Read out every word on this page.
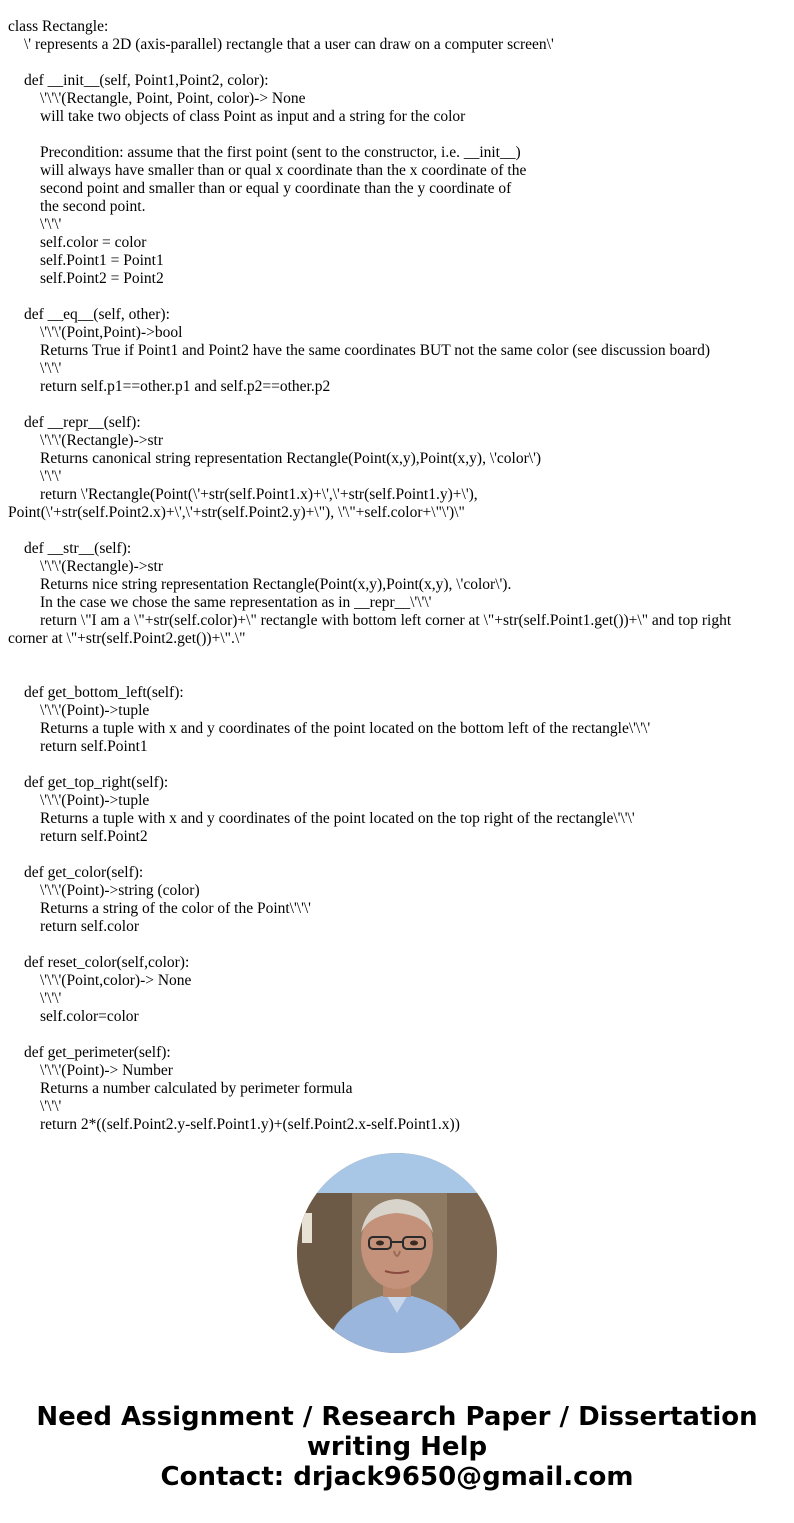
class Rectangle:
\' represents a 2D (axis-parallel) rectangle that a user can draw on a computer screen\'
def __init__(self, Point1,Point2, color):
\'\'\'(Rectangle, Point, Point, color)-> None
will take two objects of class Point as input and a string for the color
Precondition: assume that the first point (sent to the constructor, i.e. __init__)
will always have smaller than or qual x coordinate than the x coordinate of the
second point and smaller than or equal y coordinate than the y coordinate of
the second point.
\'\'\'
self.color = color
self.Point1 = Point1
self.Point2 = Point2
def __eq__(self, other):
\'\'\'(Point,Point)->bool
Returns True if Point1 and Point2 have the same coordinates BUT not the same color (see discussion board)
\'\'\'
return self.p1==other.p1 and self.p2==other.p2
def __repr__(self):
\'\'\'(Rectangle)->str
Returns canonical string representation Rectangle(Point(x,y),Point(x,y), \'color\')
\'\'\'
return \'Rectangle(Point(\'+str(self.Point1.x)+\',\'+str(self.Point1.y)+\'),
Point(\'+str(self.Point2.x)+\',\'+str(self.Point2.y)+\"), \'\"+self.color+\"\')\"
def __str__(self):
\'\'\'(Rectangle)->str
Returns nice string representation Rectangle(Point(x,y),Point(x,y), \'color\').
In the case we chose the same representation as in __repr__\'\'\'
return \"I am a \"+str(self.color)+\" rectangle with bottom left corner at \"+str(self.Point1.get())+\" and top right
corner at \"+str(self.Point2.get())+\".\"
def get_bottom_left(self):
\'\'\'(Point)->tuple
Returns a tuple with x and y coordinates of the point located on the bottom left of the rectangle\'\'\'
return self.Point1
def get_top_right(self):
\'\'\'(Point)->tuple
Returns a tuple with x and y coordinates of the point located on the top right of the rectangle\'\'\'
return self.Point2
def get_color(self):
\'\'\'(Point)->string (color)
Returns a string of the color of the Point\'\'\'
return self.color
def reset_color(self,color):
\'\'\'(Point,color)-> None
\'\'\'
self.color=color
def get_perimeter(self):
\'\'\'(Point)-> Number
Returns a number calculated by perimeter formula
\'\'\'
return 2*((self.Point2.y-self.Point1.y)+(self.Point2.x-self.Point1.x))
Need Assignment / Research Paper / Dissertation
writing Help
Contact: drjack9650@gmail.com
